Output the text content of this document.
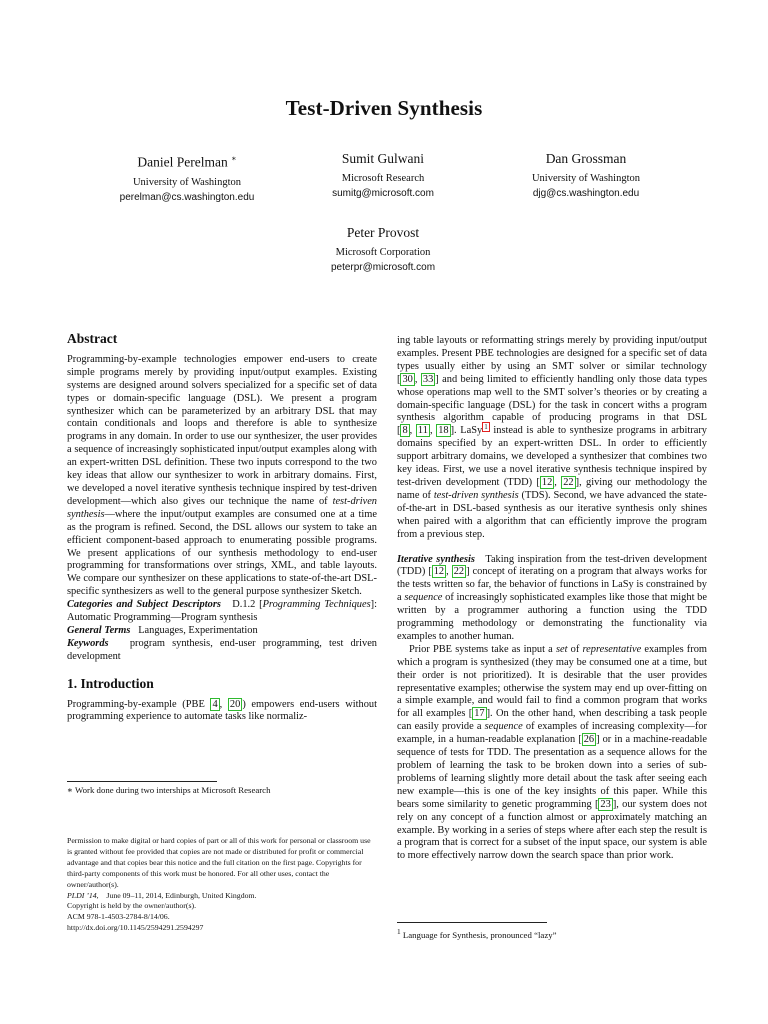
Test-Driven Synthesis
Daniel Perelman ∗
University of Washington
perelman@cs.washington.edu
Sumit Gulwani
Microsoft Research
sumitg@microsoft.com
Dan Grossman
University of Washington
djg@cs.washington.edu
Peter Provost
Microsoft Corporation
peterpr@microsoft.com
Abstract

Programming-by-example technologies empower end-users to create simple programs merely by providing input/output examples. Existing systems are designed around solvers specialized for a specific set of data types or domain-specific language (DSL). We present a program synthesizer which can be parameterized by an arbitrary DSL that may contain conditionals and loops and therefore is able to synthesize programs in any domain. In order to use our synthesizer, the user provides a sequence of increasingly sophisticated input/output examples along with an expert-written DSL definition. These two inputs correspond to the two key ideas that allow our synthesizer to work in arbitrary domains. First, we developed a novel iterative synthesis technique inspired by test-driven development—which also gives our technique the name of test-driven synthesis—where the input/output examples are consumed one at a time as the program is refined. Second, the DSL allows our system to take an efficient component-based approach to enumerating possible programs. We present applications of our synthesis methodology to end-user programming for transformations over strings, XML, and table layouts. We compare our synthesizer on these applications to state-of-the-art DSL-specific synthesizers as well to the general purpose synthesizer Sketch.

Categories and Subject Descriptors D.1.2 [Programming Techniques]: Automatic Programming—Program synthesis

General Terms Languages, Experimentation

Keywords program synthesis, end-user programming, test driven development

1. Introduction

Programming-by-example (PBE 4 , 20 ) empowers end-users without programming experience to automate tasks like normaliz-

∗ Work done during two interships at Microsoft Research

Permission to make digital or hard copies of part or all of this work for personal or classroom use is granted without fee provided that copies are not made or distributed for profit or commercial advantage and that copies bear this notice and the full citation on the first page. Copyrights for third-party components of this work must be honored. For all other uses, contact the owner/author(s).

PLDI ’14, June 09–11, 2014, Edinburgh, United Kingdom.

Copyright is held by the owner/author(s).

ACM 978-1-4503-2784-8/14/06.

http://dx.doi.org/10.1145/2594291.2594297

ing table layouts or reformatting strings merely by providing input/output examples. Present PBE technologies are designed for a specific set of data types usually either by using an SMT solver or similar technology [ 30 , 33 ] and being limited to efficiently handling only those data types whose operations map well to the SMT solver’s theories or by creating a domain-specific language (DSL) for the task in concert withs a program synthesis algorithm capable of producing programs in that DSL [ 8 , 11 , 18 ]. LaSy $^1$ instead is able to synthesize programs in arbitrary domains specified by an expert-written DSL. In order to efficiently support arbitrary domains, we developed a synthesizer that combines two key ideas. First, we use a novel iterative synthesis technique inspired by test-driven development (TDD) [ 12 , 22 ], giving our methodology the name of test-driven synthesis (TDS). Second, we have advanced the state-of-the-art in DSL-based synthesis as our iterative synthesis only shines when paired with a algorithm that can efficiently improve the program from a previous step.

Iterative synthesis Taking inspiration from the test-driven development (TDD) [ 12 , 22 ] concept of iterating on a program that always works for the tests written so far, the behavior of functions in LaSy is constrained by a sequence of increasingly sophisticated examples like those that might be written by a programmer authoring a function using the TDD programming methodology or demonstrating the functionality via examples to another human.

Prior PBE systems take as input a set of representative examples from which a program is synthesized (they may be consumed one at a time, but their order is not prioritized). It is desirable that the user provides representative examples; otherwise the system may end up over-fitting on a simple example, and would fail to find a common program that works for all examples [ 17 ]. On the other hand, when describing a task people can easily provide a sequence of examples of increasing complexity—for example, in a human-readable explanation [ 26 ] or in a machine-readable sequence of tests for TDD. The presentation as a sequence allows for the problem of learning the task to be broken down into a series of sub-problems of learning slightly more detail about the task after seeing each new example—this is one of the key insights of this paper. While this bears some similarity to genetic programming [ 23 ], our system does not rely on any concept of a function almost or approximately matching an example. By working in a series of steps where after each step the result is a program that is correct for a subset of the input space, our system is able to more effectively narrow down the search space than prior work.

$^1$ Language for Synthesis, pronounced “lazy”
